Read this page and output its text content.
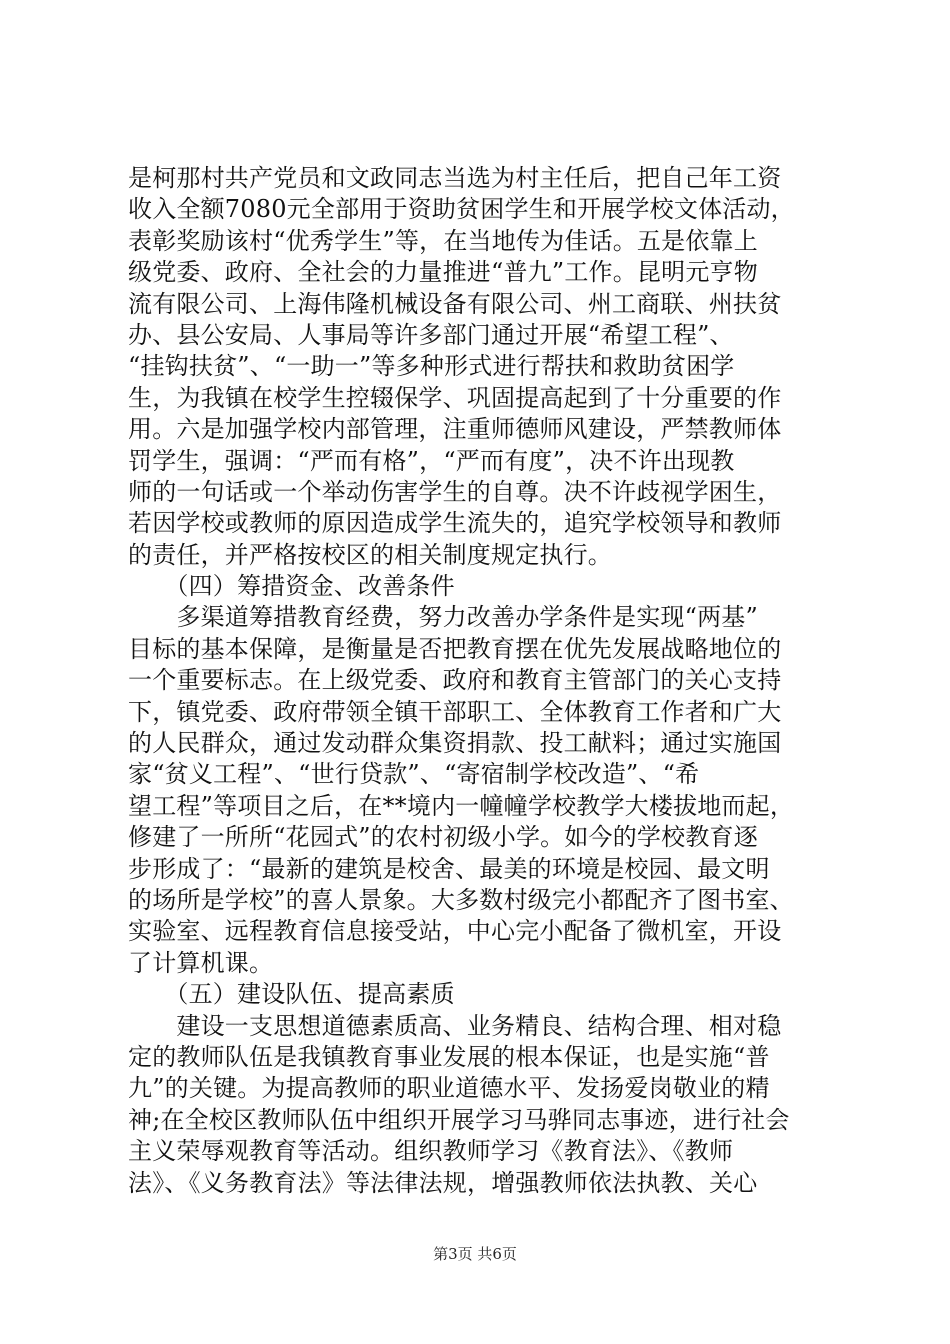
是柯那村共产党员和文政同志当选为村主任后，把自己年工资
收入全额7080元全部用于资助贫困学生和开展学校文体活动，
表彰奖励该村“优秀学生”等，在当地传为佳话。五是依靠上
级党委、政府、全社会的力量推进“普九”工作。昆明元亨物
流有限公司、上海伟隆机械设备有限公司、州工商联、州扶贫
办、县公安局、人事局等许多部门通过开展“希望工程”、
“挂钩扶贫”、“一助一”等多种形式进行帮扶和救助贫困学
生，为我镇在校学生控辍保学、巩固提高起到了十分重要的作
用。六是加强学校内部管理，注重师德师风建设，严禁教师体
罚学生，强调：“严而有格”，“严而有度”，决不许出现教
师的一句话或一个举动伤害学生的自尊。决不许歧视学困生，
若因学校或教师的原因造成学生流失的，追究学校领导和教师
的责任，并严格按校区的相关制度规定执行。
　　（四）筹措资金、改善条件
　　多渠道筹措教育经费，努力改善办学条件是实现“两基”
目标的基本保障，是衡量是否把教育摆在优先发展战略地位的
一个重要标志。在上级党委、政府和教育主管部门的关心支持
下，镇党委、政府带领全镇干部职工、全体教育工作者和广大
的人民群众，通过发动群众集资捐款、投工献料；通过实施国
家“贫义工程”、“世行贷款”、“寄宿制学校改造”、“希
望工程”等项目之后，在**境内一幢幢学校教学大楼拔地而起，
修建了一所所“花园式”的农村初级小学。如今的学校教育逐
步形成了：“最新的建筑是校舍、最美的环境是校园、最文明
的场所是学校”的喜人景象。大多数村级完小都配齐了图书室、
实验室、远程教育信息接受站，中心完小配备了微机室，开设
了计算机课。
　　（五）建设队伍、提高素质
　　建设一支思想道德素质高、业务精良、结构合理、相对稳
定的教师队伍是我镇教育事业发展的根本保证，也是实施“普
九”的关键。为提高教师的职业道德水平、发扬爱岗敬业的精
神;在全校区教师队伍中组织开展学习马骅同志事迹，进行社会
主义荣辱观教育等活动。组织教师学习《教育法》、《教师
法》、《义务教育法》等法律法规，增强教师依法执教、关心
第3页 共6页
